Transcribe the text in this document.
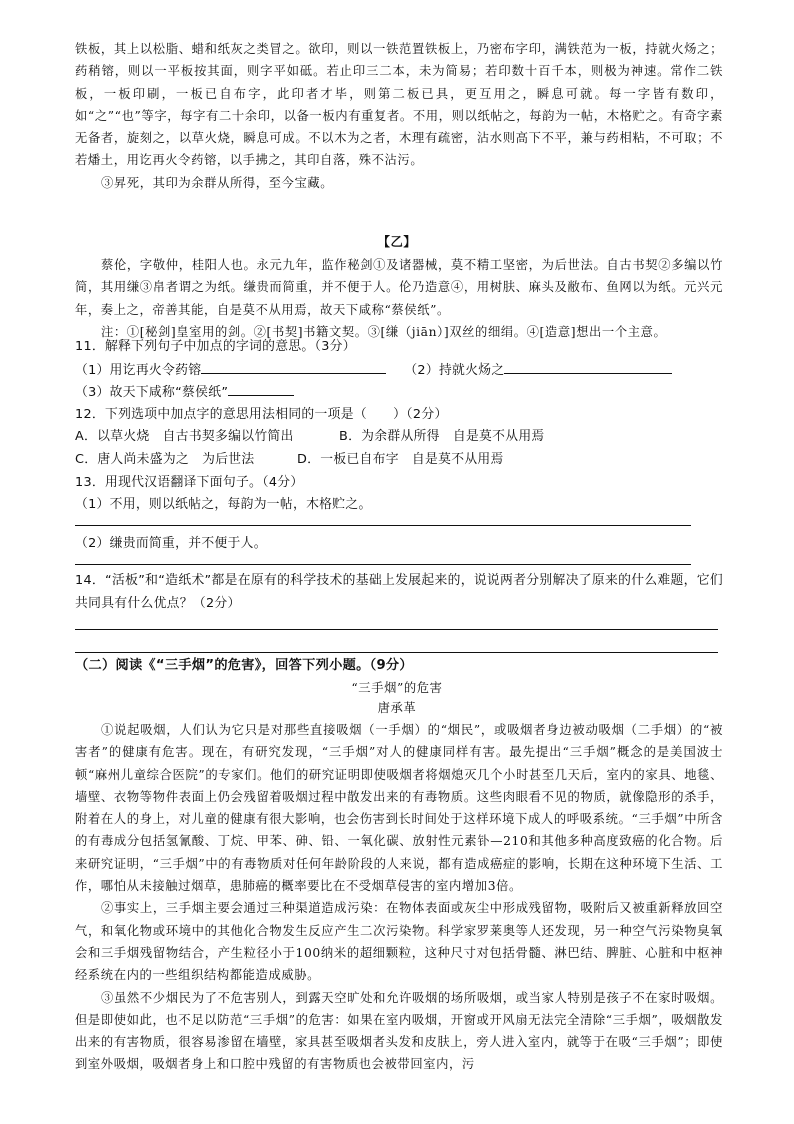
铁板，其上以松脂、蜡和纸灰之类冒之。欲印，则以一铁范置铁板上，乃密布字印，满铁范为一板，持就火炀之；药稍镕，则以一平板按其面，则字平如砥。若止印三二本，未为简易；若印数十百千本，则极为神速。常作二铁板，一板印刷，一板已自布字，此印者才毕，则第二板已具，更互用之，瞬息可就。每一字皆有数印，如“之”“也”等字，每字有二十余印，以备一板内有重复者。不用，则以纸帖之，每韵为一帖，木格贮之。有奇字素无备者，旋刻之，以草火烧，瞬息可成。不以木为之者，木理有疏密，沾水则高下不平，兼与药相粘，不可取；不若燔土，用讫再火令药镕，以手拂之，其印自落，殊不沾污。

③昇死，其印为余群从所得，至今宝藏。

【乙】

蔡伦，字敬仲，桂阳人也。永元九年，监作秘剑①及诸器械，莫不精工坚密，为后世法。自古书契②多编以竹简，其用缣③帛者谓之为纸。缣贵而简重，并不便于人。伦乃造意④，用树肤、麻头及敝布、鱼网以为纸。元兴元年，奏上之，帝善其能，自是莫不从用焉，故天下咸称“蔡侯纸”。

注：①[秘剑]皇室用的剑。②[书契]书籍文契。③[缣（jiān）]双丝的细绢。④[造意]想出一个主意。

11．解释下列句子中加点的字词的意思。（3分）
（1）用讫再火令药镕	（2）持就火炀之
（3）故天下咸称“蔡侯纸”
12．下列选项中加点字的意思用法相同的一项是（　　）（2分）
A．以草火烧　自古书契多编以竹简出	B．为余群从所得　自是莫不从用焉
C．唐人尚未盛为之　为后世法	D．一板已自布字　自是莫不从用焉
13．用现代汉语翻译下面句子。（4分）
（1）不用，则以纸帖之，每韵为一帖，木格贮之。
（2）缣贵而简重，并不便于人。
14．“活板”和“造纸术”都是在原有的科学技术的基础上发展起来的，说说两者分别解决了原来的什么难题，它们共同具有什么优点？（2分）
（二）阅读《“三手烟”的危害》，回答下列小题。（9分）
“三手烟”的危害
唐承革

①说起吸烟，人们认为它只是对那些直接吸烟（一手烟）的“烟民”，或吸烟者身边被动吸烟（二手烟）的“被害者”的健康有危害。现在，有研究发现，“三手烟”对人的健康同样有害。最先提出“三手烟”概念的是美国波士顿“麻州儿童综合医院”的专家们。他们的研究证明即使吸烟者将烟熄灭几个小时甚至几天后，室内的家具、地毯、墙壁、衣物等物件表面上仍会残留着吸烟过程中散发出来的有毒物质。这些肉眼看不见的物质，就像隐形的杀手，附着在人的身上，对儿童的健康有很大影响，也会伤害到长时间处于这样环境下成人的呼吸系统。“三手烟”中所含的有毒成分包括氢氰酸、丁烷、甲苯、砷、铅、一氧化碳、放射性元素钋—210和其他多种高度致癌的化合物。后来研究证明，“三手烟”中的有毒物质对任何年龄阶段的人来说，都有造成癌症的影响，长期在这种环境下生活、工作，哪怕从未接触过烟草，患肺癌的概率要比在不受烟草侵害的室内增加3倍。

②事实上，三手烟主要会通过三种渠道造成污染：在物体表面或灰尘中形成残留物，吸附后又被重新释放回空气，和氧化物或环境中的其他化合物发生反应产生二次污染物。科学家罗莱奥等人还发现，另一种空气污染物臭氧会和三手烟残留物结合，产生粒径小于100纳米的超细颗粒，这种尺寸对包括骨髓、淋巴结、脾脏、心脏和中枢神经系统在内的一些组织结构都能造成威胁。

③虽然不少烟民为了不危害别人，到露天空旷处和允许吸烟的场所吸烟，或当家人特别是孩子不在家时吸烟。但是即使如此，也不足以防范“三手烟”的危害：如果在室内吸烟，开窗或开风扇无法完全清除“三手烟”，吸烟散发出来的有害物质，很容易渗留在墙壁，家具甚至吸烟者头发和皮肤上，旁人进入室内，就等于在吸“三手烟”；即使到室外吸烟，吸烟者身上和口腔中残留的有害物质也会被带回室内，污
